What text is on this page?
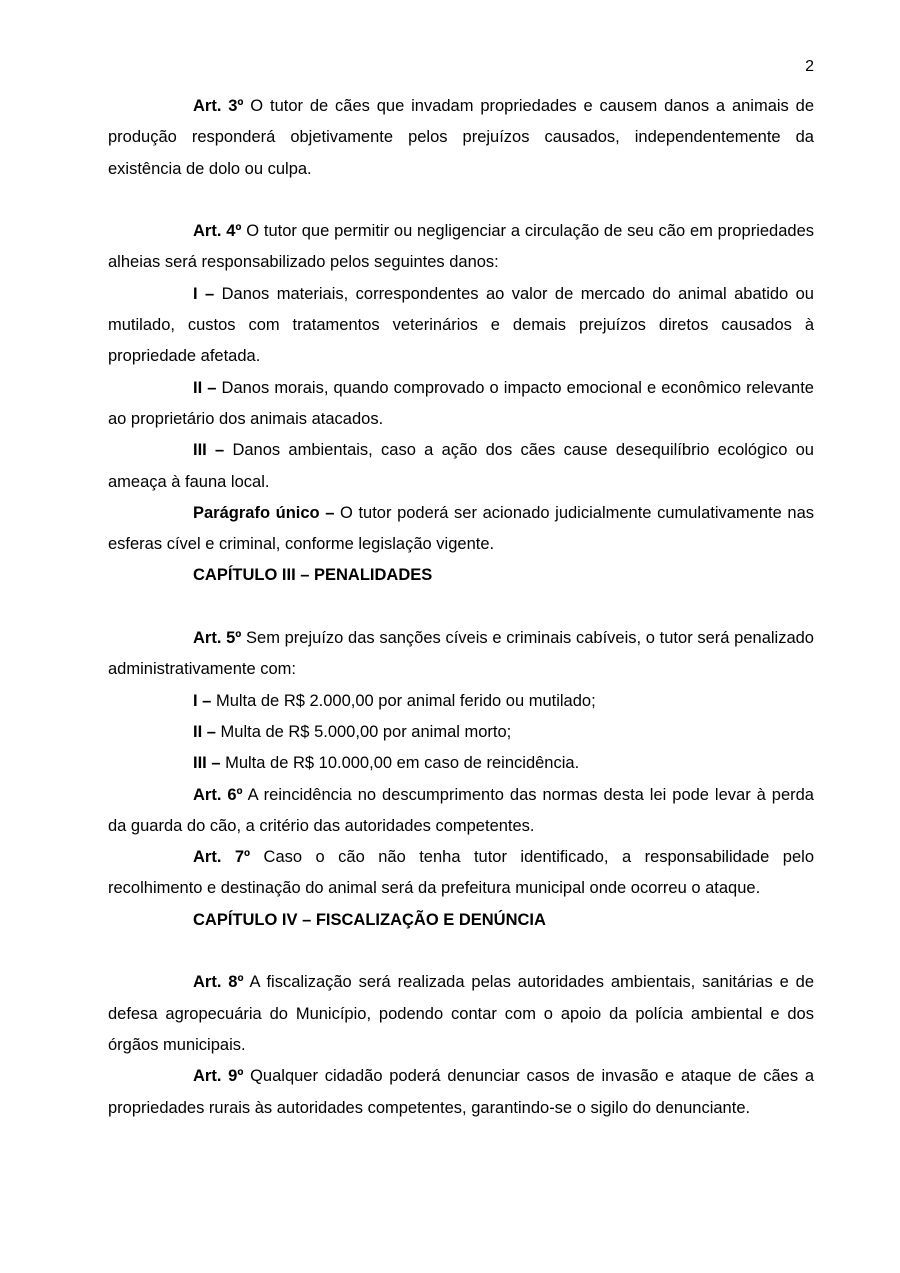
2

Art. 3º O tutor de cães que invadam propriedades e causem danos a animais de produção responderá objetivamente pelos prejuízos causados, independentemente da existência de dolo ou culpa.

Art. 4º O tutor que permitir ou negligenciar a circulação de seu cão em propriedades alheias será responsabilizado pelos seguintes danos:

I – Danos materiais, correspondentes ao valor de mercado do animal abatido ou mutilado, custos com tratamentos veterinários e demais prejuízos diretos causados à propriedade afetada.

II – Danos morais, quando comprovado o impacto emocional e econômico relevante ao proprietário dos animais atacados.

III – Danos ambientais, caso a ação dos cães cause desequilíbrio ecológico ou ameaça à fauna local.

Parágrafo único – O tutor poderá ser acionado judicialmente cumulativamente nas esferas cível e criminal, conforme legislação vigente.

CAPÍTULO III – PENALIDADES

Art. 5º Sem prejuízo das sanções cíveis e criminais cabíveis, o tutor será penalizado administrativamente com:

I – Multa de R$ 2.000,00 por animal ferido ou mutilado;

II – Multa de R$ 5.000,00 por animal morto;

III – Multa de R$ 10.000,00 em caso de reincidência.

Art. 6º A reincidência no descumprimento das normas desta lei pode levar à perda da guarda do cão, a critério das autoridades competentes.

Art. 7º Caso o cão não tenha tutor identificado, a responsabilidade pelo recolhimento e destinação do animal será da prefeitura municipal onde ocorreu o ataque.

CAPÍTULO IV – FISCALIZAÇÃO E DENÚNCIA

Art. 8º A fiscalização será realizada pelas autoridades ambientais, sanitárias e de defesa agropecuária do Município, podendo contar com o apoio da polícia ambiental e dos órgãos municipais.

Art. 9º Qualquer cidadão poderá denunciar casos de invasão e ataque de cães a propriedades rurais às autoridades competentes, garantindo-se o sigilo do denunciante.
